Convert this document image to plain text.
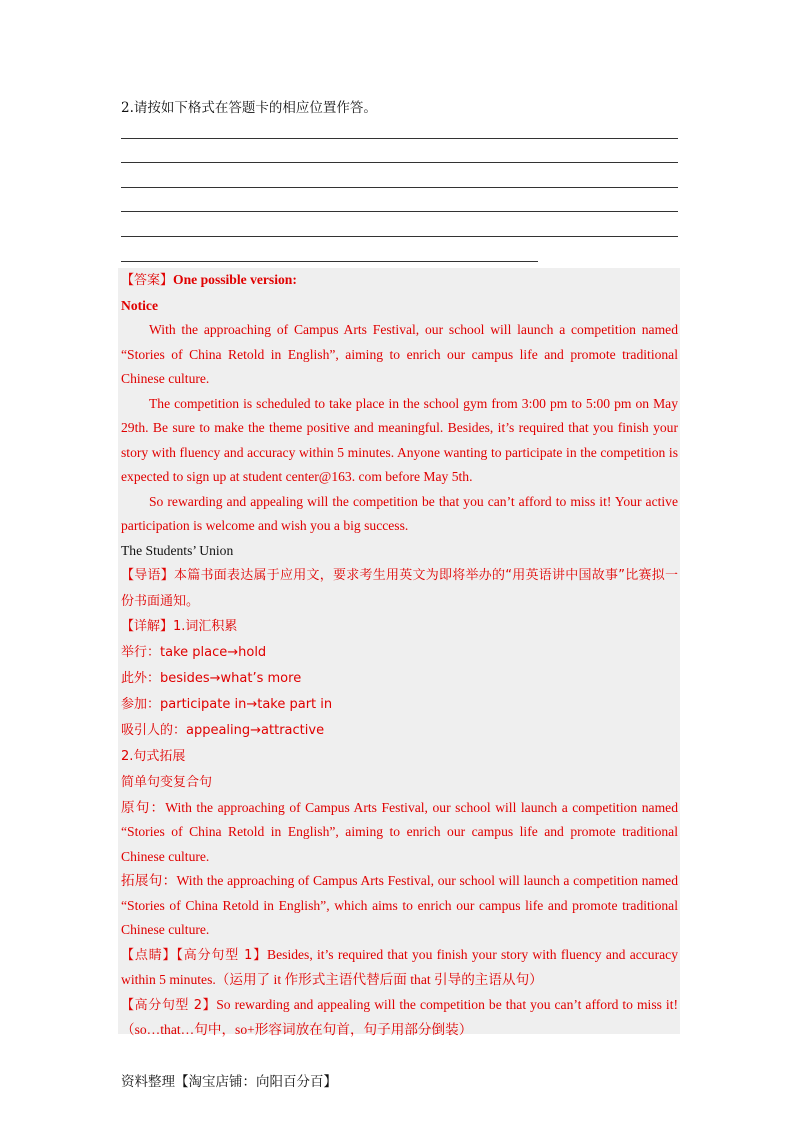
2.请按如下格式在答题卡的相应位置作答。

【答案】One possible version:

Notice

With the approaching of Campus Arts Festival, our school will launch a competition named “Stories of China Retold in English”, aiming to enrich our campus life and promote traditional Chinese culture.

The competition is scheduled to take place in the school gym from 3:00 pm to 5:00 pm on May 29th. Be sure to make the theme positive and meaningful. Besides, it’s required that you finish your story with fluency and accuracy within 5 minutes. Anyone wanting to participate in the competition is expected to sign up at student center@163. com before May 5th.

So rewarding and appealing will the competition be that you can’t afford to miss it! Your active participation is welcome and wish you a big success.

The Students’ Union

【导语】本篇书面表达属于应用文，要求考生用英文为即将举办的“用英语讲中国故事”比赛拟一份书面通知。

【详解】1.词汇积累

举行：take place→hold

此外：besides→what’s more

参加：participate in→take part in

吸引人的：appealing→attractive

2.句式拓展

简单句变复合句

原句：With the approaching of Campus Arts Festival, our school will launch a competition named “Stories of China Retold in English”, aiming to enrich our campus life and promote traditional Chinese culture.

拓展句：With the approaching of Campus Arts Festival, our school will launch a competition named “Stories of China Retold in English”, which aims to enrich our campus life and promote traditional Chinese culture.

【点睛】【高分句型 1】Besides, it’s required that you finish your story with fluency and accuracy within 5 minutes.（运用了 it 作形式主语代替后面 that 引导的主语从句）

【高分句型 2】So rewarding and appealing will the competition be that you can’t afford to miss it!（so…that…句中，so+形容词放在句首，句子用部分倒装）

资料整理【淘宝店铺：向阳百分百】
